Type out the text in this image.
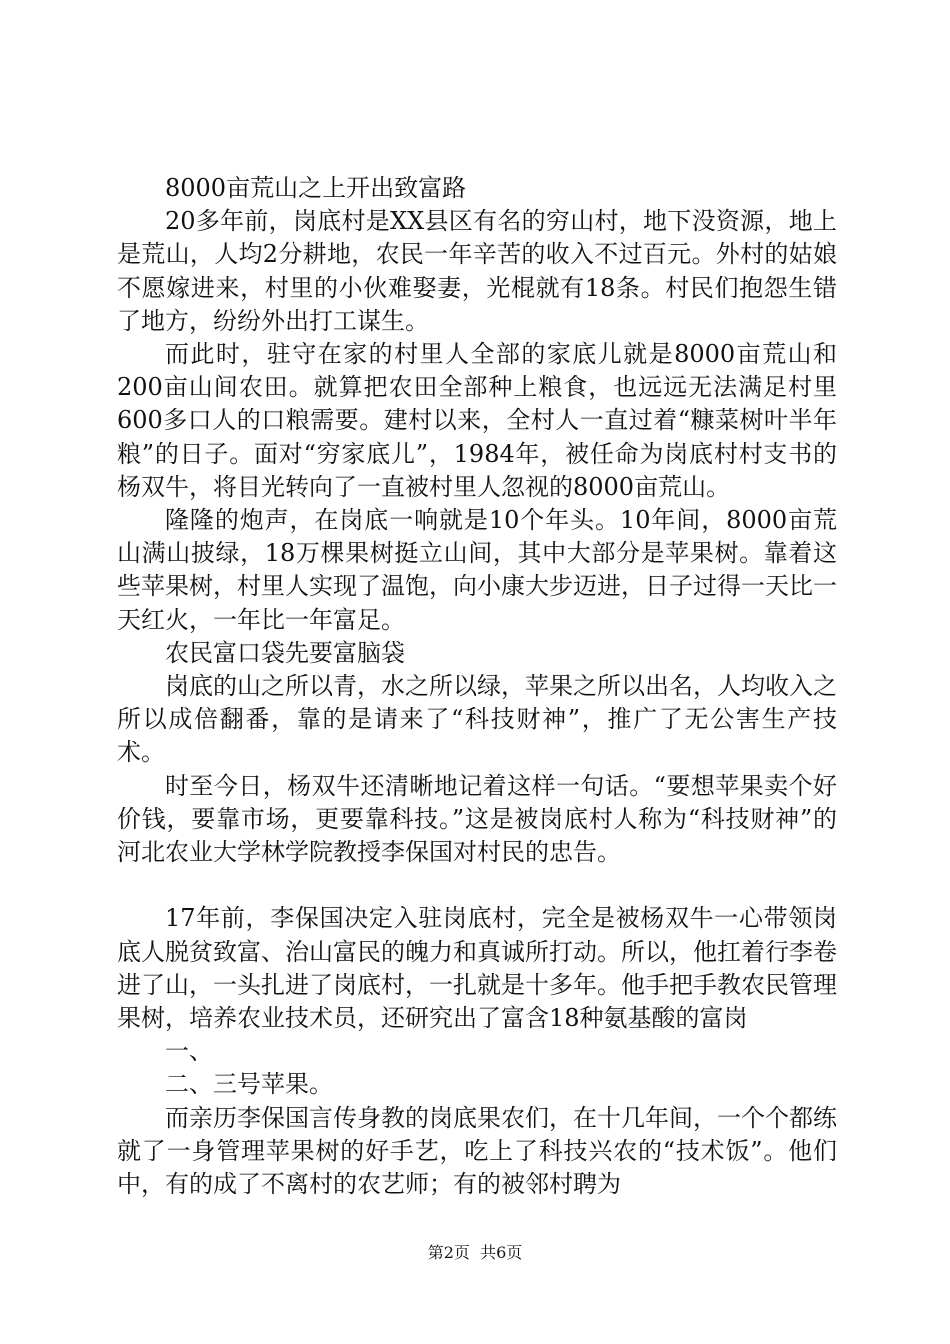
8000亩荒山之上开出致富路

20多年前，岗底村是XX县区有名的穷山村，地下没资源，地上是荒山，人均2分耕地，农民一年辛苦的收入不过百元。外村的姑娘不愿嫁进来，村里的小伙难娶妻，光棍就有18条。村民们抱怨生错了地方，纷纷外出打工谋生。

而此时，驻守在家的村里人全部的家底儿就是8000亩荒山和200亩山间农田。就算把农田全部种上粮食，也远远无法满足村里600多口人的口粮需要。建村以来，全村人一直过着“糠菜树叶半年粮”的日子。面对“穷家底儿”，1984年，被任命为岗底村村支书的杨双牛，将目光转向了一直被村里人忽视的8000亩荒山。

隆隆的炮声，在岗底一响就是10个年头。10年间，8000亩荒山满山披绿，18万棵果树挺立山间，其中大部分是苹果树。靠着这些苹果树，村里人实现了温饱，向小康大步迈进，日子过得一天比一天红火，一年比一年富足。

农民富口袋先要富脑袋

岗底的山之所以青，水之所以绿，苹果之所以出名，人均收入之所以成倍翻番，靠的是请来了“科技财神”，推广了无公害生产技术。

时至今日，杨双牛还清晰地记着这样一句话。“要想苹果卖个好价钱，要靠市场，更要靠科技。”这是被岗底村人称为“科技财神”的河北农业大学林学院教授李保国对村民的忠告。

17年前，李保国决定入驻岗底村，完全是被杨双牛一心带领岗底人脱贫致富、治山富民的魄力和真诚所打动。所以，他扛着行李卷进了山，一头扎进了岗底村，一扎就是十多年。他手把手教农民管理果树，培养农业技术员，还研究出了富含18种氨基酸的富岗

一、

二、三号苹果。

而亲历李保国言传身教的岗底果农们，在十几年间，一个个都练就了一身管理苹果树的好手艺，吃上了科技兴农的“技术饭”。他们中，有的成了不离村的农艺师；有的被邻村聘为

第2页  共6页
